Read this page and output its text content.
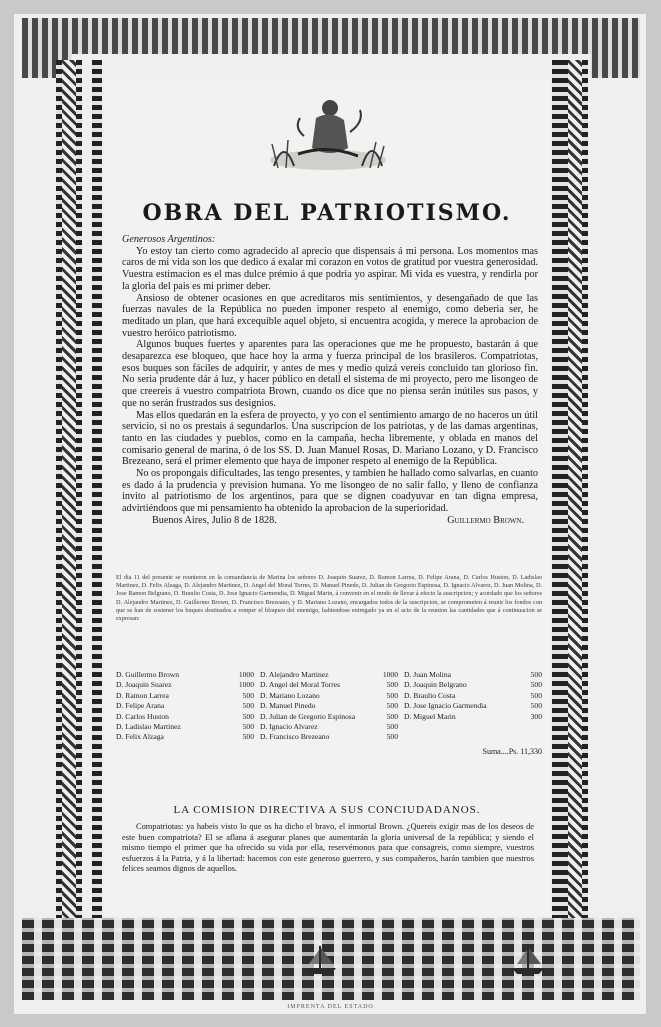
OBRA DEL PATRIOTISMO.

Generosos Argentinos:

Yo estoy tan cierto como agradecido al aprecio que dispensais á mi persona. Los momentos mas caros de mi vida son los que dedico á exalar mi corazon en votos de gratitud por vuestra generosidad. Vuestra estimacion es el mas dulce prémio á que podria yo aspirar. Mi vida es vuestra, y rendirla por la gloria del pais es mi primer deber.

Ansioso de obtener ocasiones en que acreditaros mis sentimientos, y desengañado de que las fuerzas navales de la República no pueden imponer respeto al enemigo, como deberia ser, he meditado un plan, que hará excequible aquel objeto, si encuentra acogida, y merece la aprobacion de vuestro heróico patriotismo.

Algunos buques fuertes y aparentes para las operaciones que me he propuesto, bastarán á que desaparezca ese bloqueo, que hace hoy la arma y fuerza principal de los brasileros. Compatriotas, esos buques son fáciles de adquirir, y antes de mes y medio quizá vereis concluido tan glorioso fin. No seria prudente dár á luz, y hacer público en detall el sistema de mi proyecto, pero me lisongeo de que creereis á vuestro compatriota Brown, cuando os dice que no piensa serán inútiles sus pasos, y que no serán frustrados sus designios.

Mas ellos quedarán en la esfera de proyecto, y yo con el sentimiento amargo de no haceros un útil servicio, si no os prestais á segundarlos. Una suscripcion de los patriotas, y de las damas argentinas, tanto en las ciudades y pueblos, como en la campaña, hecha libremente, y oblada en manos del comisario general de marina, ó de los SS. D. Juan Manuel Rosas, D. Mariano Lozano, y D. Francisco Brezeano, será el primer elemento que haya de imponer respeto al enemigo de la República.

No os propongais dificultades, las tengo presentes, y tambien he hallado como salvarlas, en cuanto es dado á la prudencia y prevision humana. Yo me lisongeo de no salir fallo, y lleno de confianza invito al patriotismo de los argentinos, para que se dignen coadyuvar en tan digna empresa, advirtiéndoos que mi pensamiento ha obtenido la aprobacion de la superioridad.

Buenos Aires, Julio 8 de 1828.	Guillermo Brown.
El dia 11 del presente se reunieron en la comandancia de Marina los señores D. Joaquin Suarez, D. Ramon Larrea, D. Felipe Arana, D. Carlos Huston, D. Ladislao Martinez, D. Felix Alzaga, D. Alejandro Martinez, D. Angel del Moral Torres, D. Manuel Pinedo, D. Julian de Gregorio Espinosa, D. Ignacio Alvarez, D. Juan Molina, D. Jose Ramon Belgrano, D. Braulio Costa, D. Jose Ignacio Garmendia, D. Miguel Marin, á convenir en el modo de llevar á efecto la suscripcion; y acordado que los señores D. Alejandro Martinez, D. Guillermo Brown, D. Francisco Brezeano, y D. Mariano Lozano, encargados todos de la suscripcion, se comprometen á reunir los fondos con que se han de sostener los buques destinados a romper el bloqueo del enemigo, habiendose entregado ya en el acto de la reunion las cantidades que á continuacion se expresan:
D. Guillermo Brown	1000
D. Joaquin Suarez	1000
D. Ramon Larrea	500
D. Felipe Arana	500
D. Carlos Huston	500
D. Ladislao Martinez	500
D. Felix Alzaga	500
D. Alejandro Martinez	1000
D. Angel del Moral Torres	500
D. Mariano Lozano	500
D. Manuel Pinedo	500
D. Julian de Gregorio Espinosa	500
D. Ignacio Alvarez	500
D. Francisco Brezeano	500
D. Juan Molina	500
D. Joaquin Belgrano	500
D. Braulio Costa	500
D. Jose Ignacio Garmendia	500
D. Miguel Marin	300
Suma....Ps. 11,330
LA COMISION DIRECTIVA A SUS CONCIUDADANOS.

Compatriotas: ya habeis visto lo que os ha dicho el bravo, el inmortal Brown. ¿Quereis exigir mas de los deseos de este buen compatriota? El se aflana á asegurar planes que aumentarán la gloria universal de la república; y siendo el mismo tiempo el primer que ha ofrecido su vida por ella, reservémonos para que consagreis, como siempre, vuestros esfuerzos á la Patria, y á la libertad: hacemos con este generoso guerrero, y sus compañeros, harán tambien que nuestros felices seamos dignos de aquellos.

IMPRENTA DEL ESTADO
